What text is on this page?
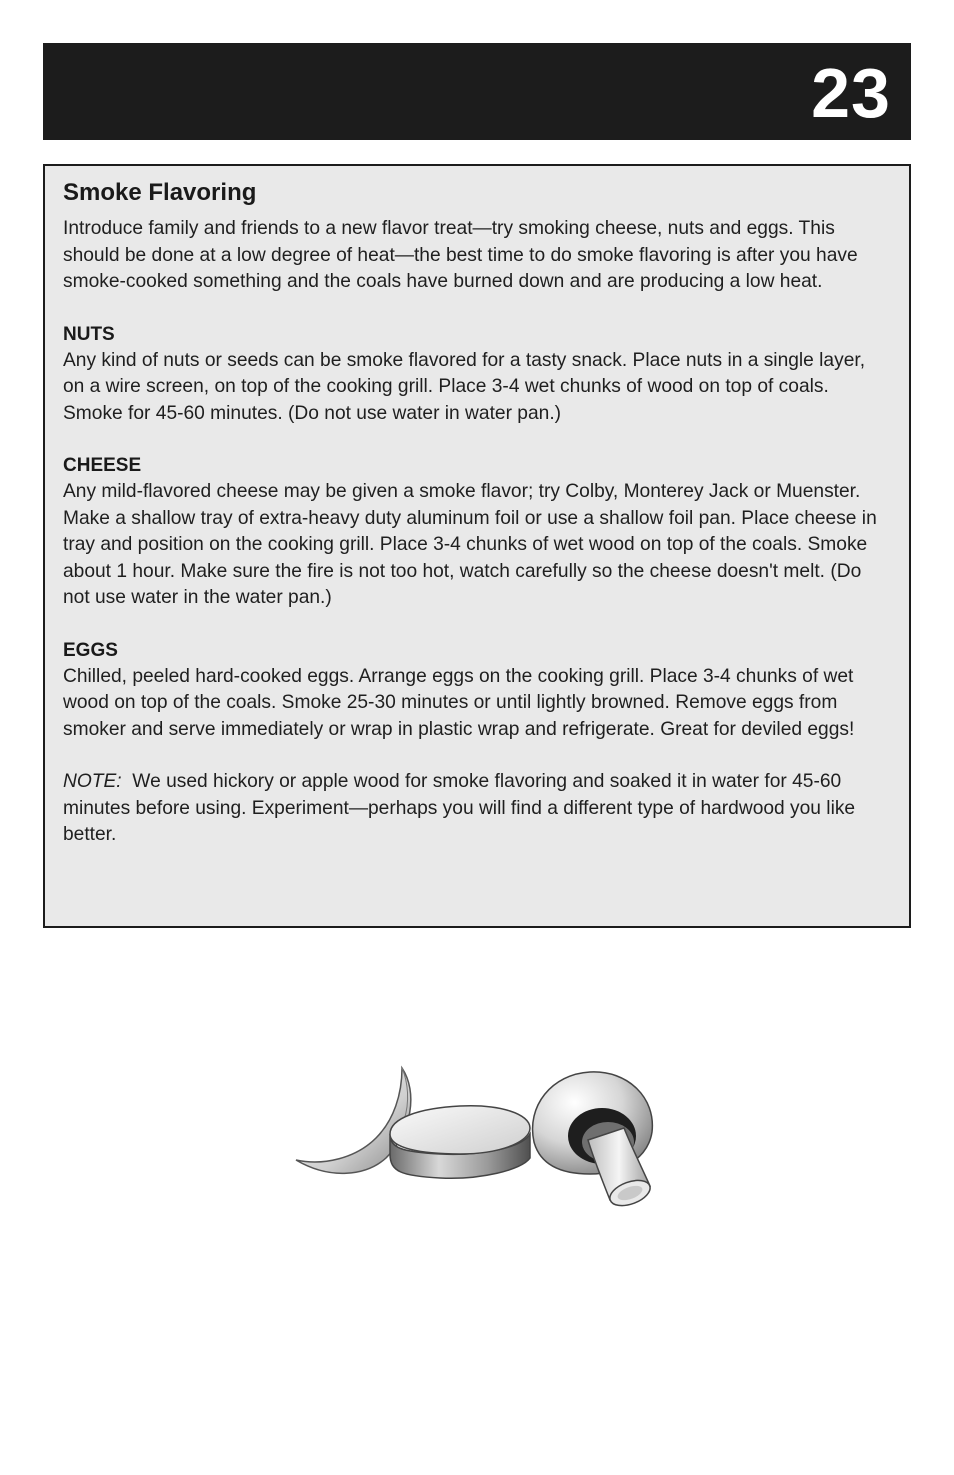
23
Smoke Flavoring

Introduce family and friends to a new flavor treat—try smoking cheese, nuts and eggs. This should be done at a low degree of heat—the best time to do smoke flavoring is after you have smoke-cooked something and the coals have burned down and are producing a low heat.

NUTS

Any kind of nuts or seeds can be smoke flavored for a tasty snack. Place nuts in a single layer, on a wire screen, on top of the cooking grill. Place 3-4 wet chunks of wood on top of coals. Smoke for 45-60 minutes. (Do not use water in water pan.)

CHEESE

Any mild-flavored cheese may be given a smoke flavor; try Colby, Monterey Jack or Muenster. Make a shallow tray of extra-heavy duty aluminum foil or use a shallow foil pan. Place cheese in tray and position on the cooking grill. Place 3-4 chunks of wet wood on top of the coals. Smoke about 1 hour. Make sure the fire is not too hot, watch carefully so the cheese doesn't melt. (Do not use water in the water pan.)

EGGS

Chilled, peeled hard-cooked eggs. Arrange eggs on the cooking grill. Place 3-4 chunks of wet wood on top of the coals. Smoke 25-30 minutes or until lightly browned. Remove eggs from smoker and serve immediately or wrap in plastic wrap and refrigerate. Great for deviled eggs!

NOTE:  We used hickory or apple wood for smoke flavoring and soaked it in water for 45-60 minutes before using. Experiment—perhaps you will find a different type of hardwood you like better.
